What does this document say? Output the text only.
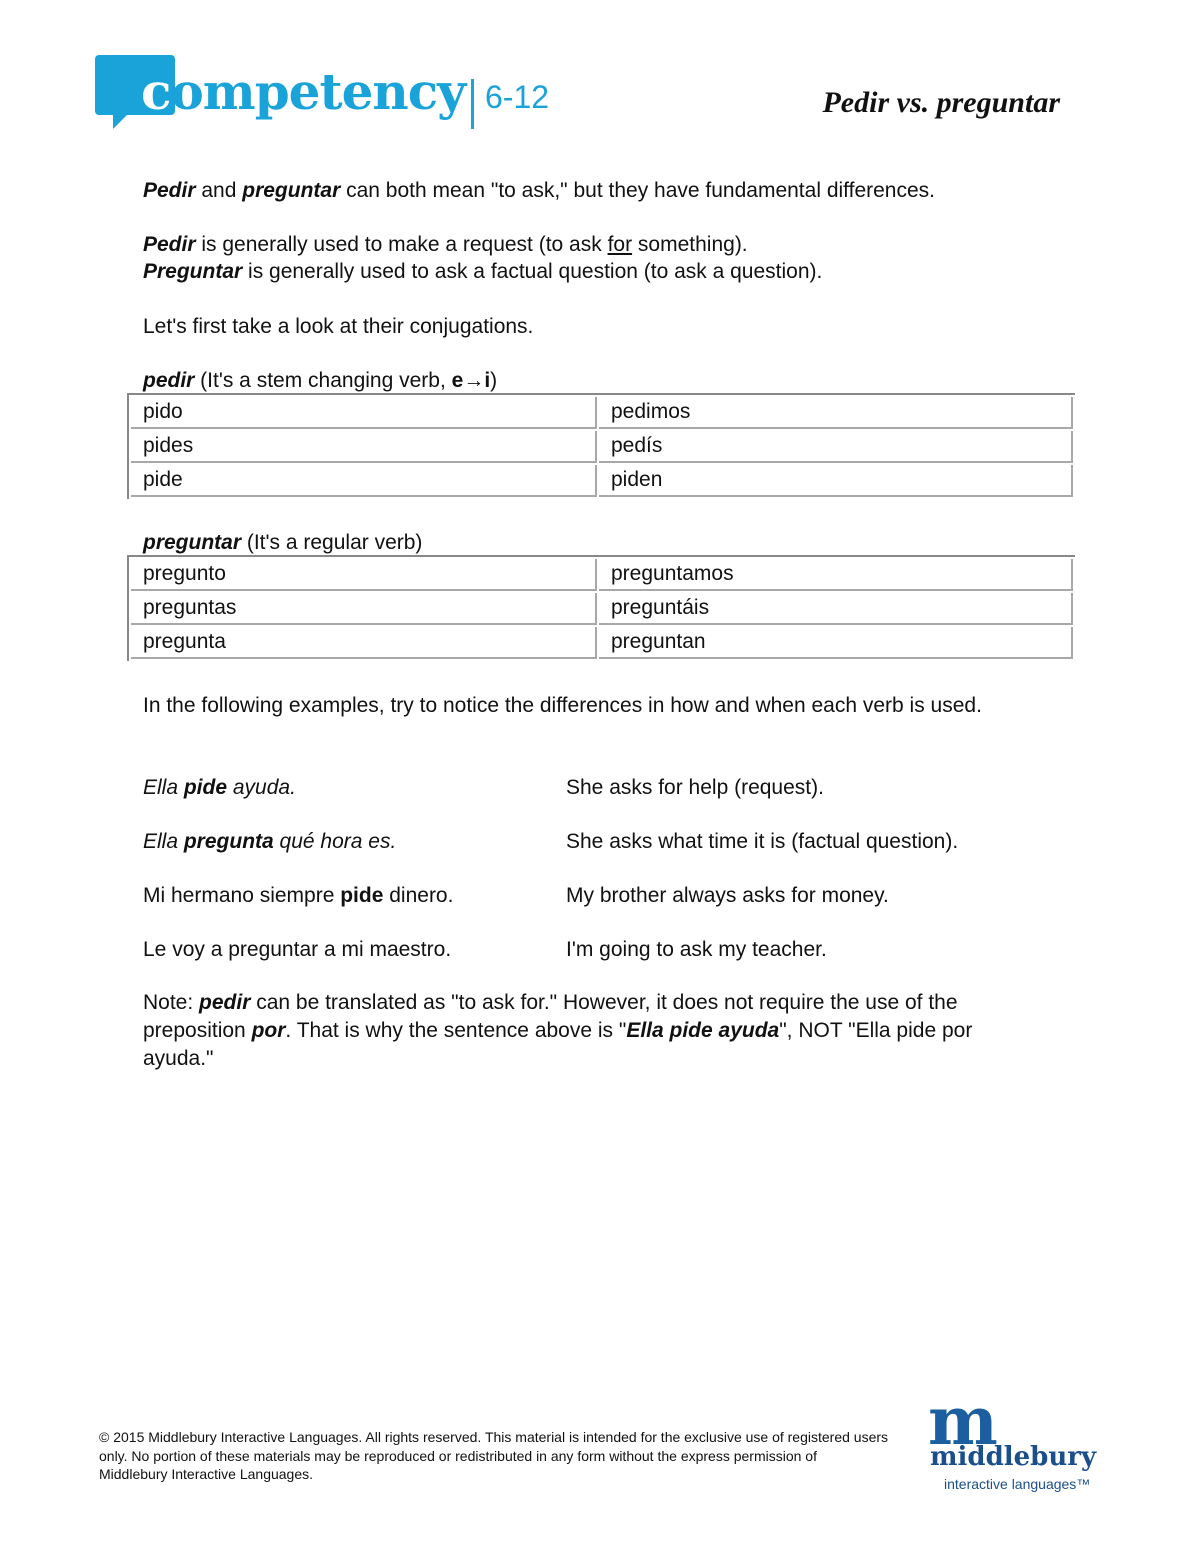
competency 6-12	Pedir vs. preguntar
Pedir and preguntar can both mean "to ask," but they have fundamental differences.
Pedir is generally used to make a request (to ask for something).
Preguntar is generally used to ask a factual question (to ask a question).
Let's first take a look at their conjugations.
pedir (It's a stem changing verb, e→i)
pido	pedimos
pides	pedís
pide	piden
preguntar (It's a regular verb)
pregunto	preguntamos
preguntas	preguntáis
pregunta	preguntan
In the following examples, try to notice the differences in how and when each verb is used.
Ella pide ayuda.	She asks for help (request).
Ella pregunta qué hora es.	She asks what time it is (factual question).
Mi hermano siempre pide dinero.	My brother always asks for money.
Le voy a preguntar a mi maestro.	I'm going to ask my teacher.
Note: pedir can be translated as "to ask for." However, it does not require the use of the preposition por. That is why the sentence above is "Ella pide ayuda", NOT "Ella pide por ayuda."
© 2015 Middlebury Interactive Languages. All rights reserved. This material is intended for the exclusive use of registered users only. No portion of these materials may be reproduced or redistributed in any form without the express permission of Middlebury Interactive Languages.
m
middlebury
interactive languages™
